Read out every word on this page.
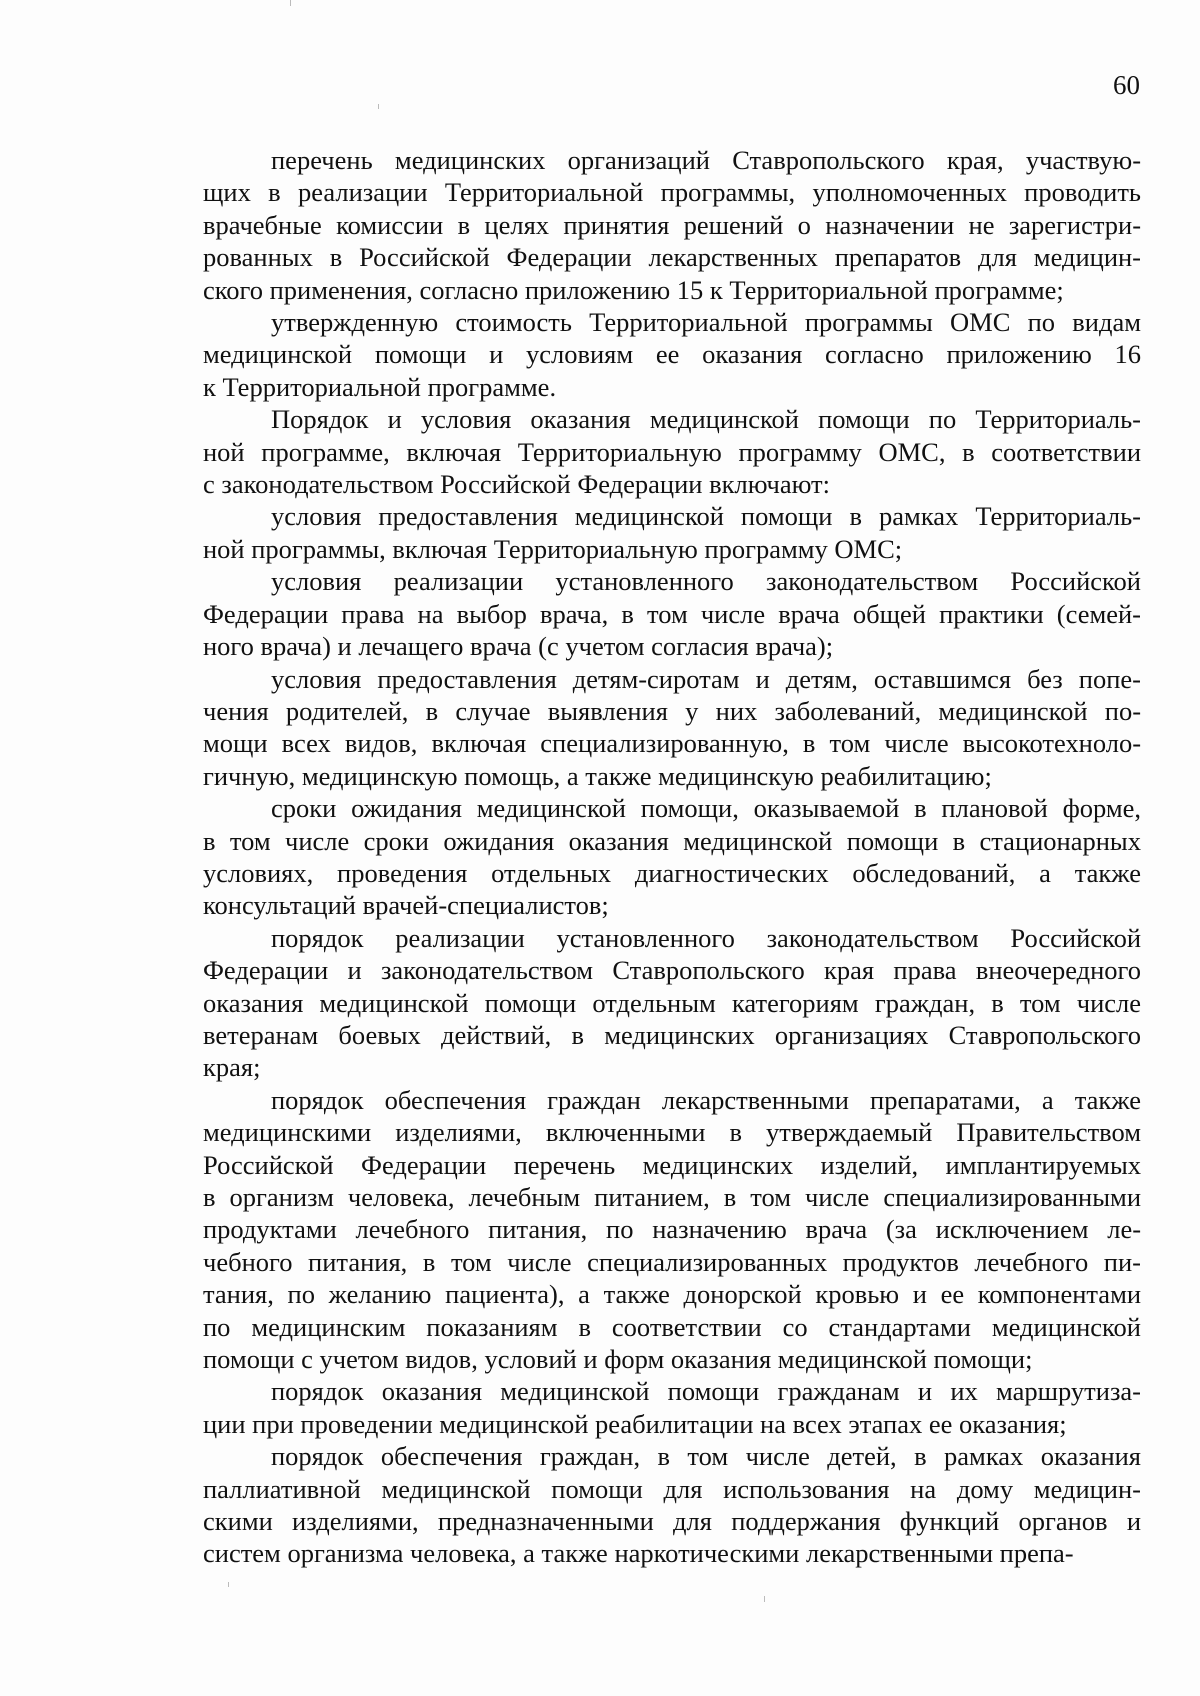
60

перечень медицинских организаций Ставропольского края, участвую-
щих в реализации Территориальной программы, уполномоченных проводить
врачебные комиссии в целях принятия решений о назначении не зарегистри-
рованных в Российской Федерации лекарственных препаратов для медицин-
ского применения, согласно приложению 15 к Территориальной программе;

утвержденную стоимость Территориальной программы ОМС по видам
медицинской помощи и условиям ее оказания согласно приложению 16
к Территориальной программе.

Порядок и условия оказания медицинской помощи по Территориаль-
ной программе, включая Территориальную программу ОМС, в соответствии
с законодательством Российской Федерации включают:

условия предоставления медицинской помощи в рамках Территориаль-
ной программы, включая Территориальную программу ОМС;

условия реализации установленного законодательством Российской
Федерации права на выбор врача, в том числе врача общей практики (семей-
ного врача) и лечащего врача (с учетом согласия врача);

условия предоставления детям-сиротам и детям, оставшимся без попе-
чения родителей, в случае выявления у них заболеваний, медицинской по-
мощи всех видов, включая специализированную, в том числе высокотехноло-
гичную, медицинскую помощь, а также медицинскую реабилитацию;

сроки ожидания медицинской помощи, оказываемой в плановой форме,
в том числе сроки ожидания оказания медицинской помощи в стационарных
условиях, проведения отдельных диагностических обследований, а также
консультаций врачей-специалистов;

порядок реализации установленного законодательством Российской
Федерации и законодательством Ставропольского края права внеочередного
оказания медицинской помощи отдельным категориям граждан, в том числе
ветеранам боевых действий, в медицинских организациях Ставропольского
края;

порядок обеспечения граждан лекарственными препаратами, а также
медицинскими изделиями, включенными в утверждаемый Правительством
Российской Федерации перечень медицинских изделий, имплантируемых
в организм человека, лечебным питанием, в том числе специализированными
продуктами лечебного питания, по назначению врача (за исключением ле-
чебного питания, в том числе специализированных продуктов лечебного пи-
тания, по желанию пациента), а также донорской кровью и ее компонентами
по медицинским показаниям в соответствии со стандартами медицинской
помощи с учетом видов, условий и форм оказания медицинской помощи;

порядок оказания медицинской помощи гражданам и их маршрутиза-
ции при проведении медицинской реабилитации на всех этапах ее оказания;

порядок обеспечения граждан, в том числе детей, в рамках оказания
паллиативной медицинской помощи для использования на дому медицин-
скими изделиями, предназначенными для поддержания функций органов и
систем организма человека, а также наркотическими лекарственными препа-
